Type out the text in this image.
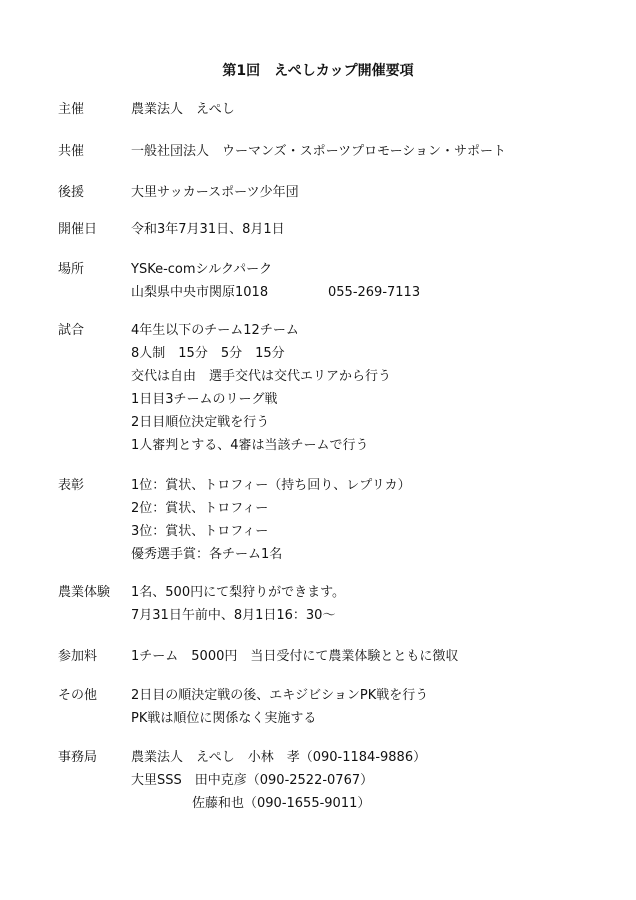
第1回　えぺしカップ開催要項
主催	農業法人　えぺし
共催	一般社団法人　ウーマンズ・スポーツプロモーション・サポート
後援	大里サッカースポーツ少年団
開催日	令和3年7月31日、8月1日
場所	YSKe-comシルクパーク
山梨県中央市関原1018	055-269-7113
試合	4年生以下のチーム12チーム
8人制　15分　5分　15分
交代は自由　選手交代は交代エリアから行う
1日目3チームのリーグ戦
2日目順位決定戦を行う
1人審判とする、4審は当該チームで行う
表彰	1位：賞状、トロフィー（持ち回り、レプリカ）
2位：賞状、トロフィー
3位：賞状、トロフィー
優秀選手賞：各チーム1名
農業体験 1名、500円にて梨狩りができます。
7月31日午前中、8月1日16：30～
参加料	1チーム　5000円　当日受付にて農業体験とともに徴収
その他	2日目の順決定戦の後、エキジビションPK戦を行う
PK戦は順位に関係なく実施する
事務局	農業法人　えぺし　小林　孝（090-1184-9886）
大里SSS　田中克彦（090-2522-0767）
佐藤和也（090-1655-9011）
